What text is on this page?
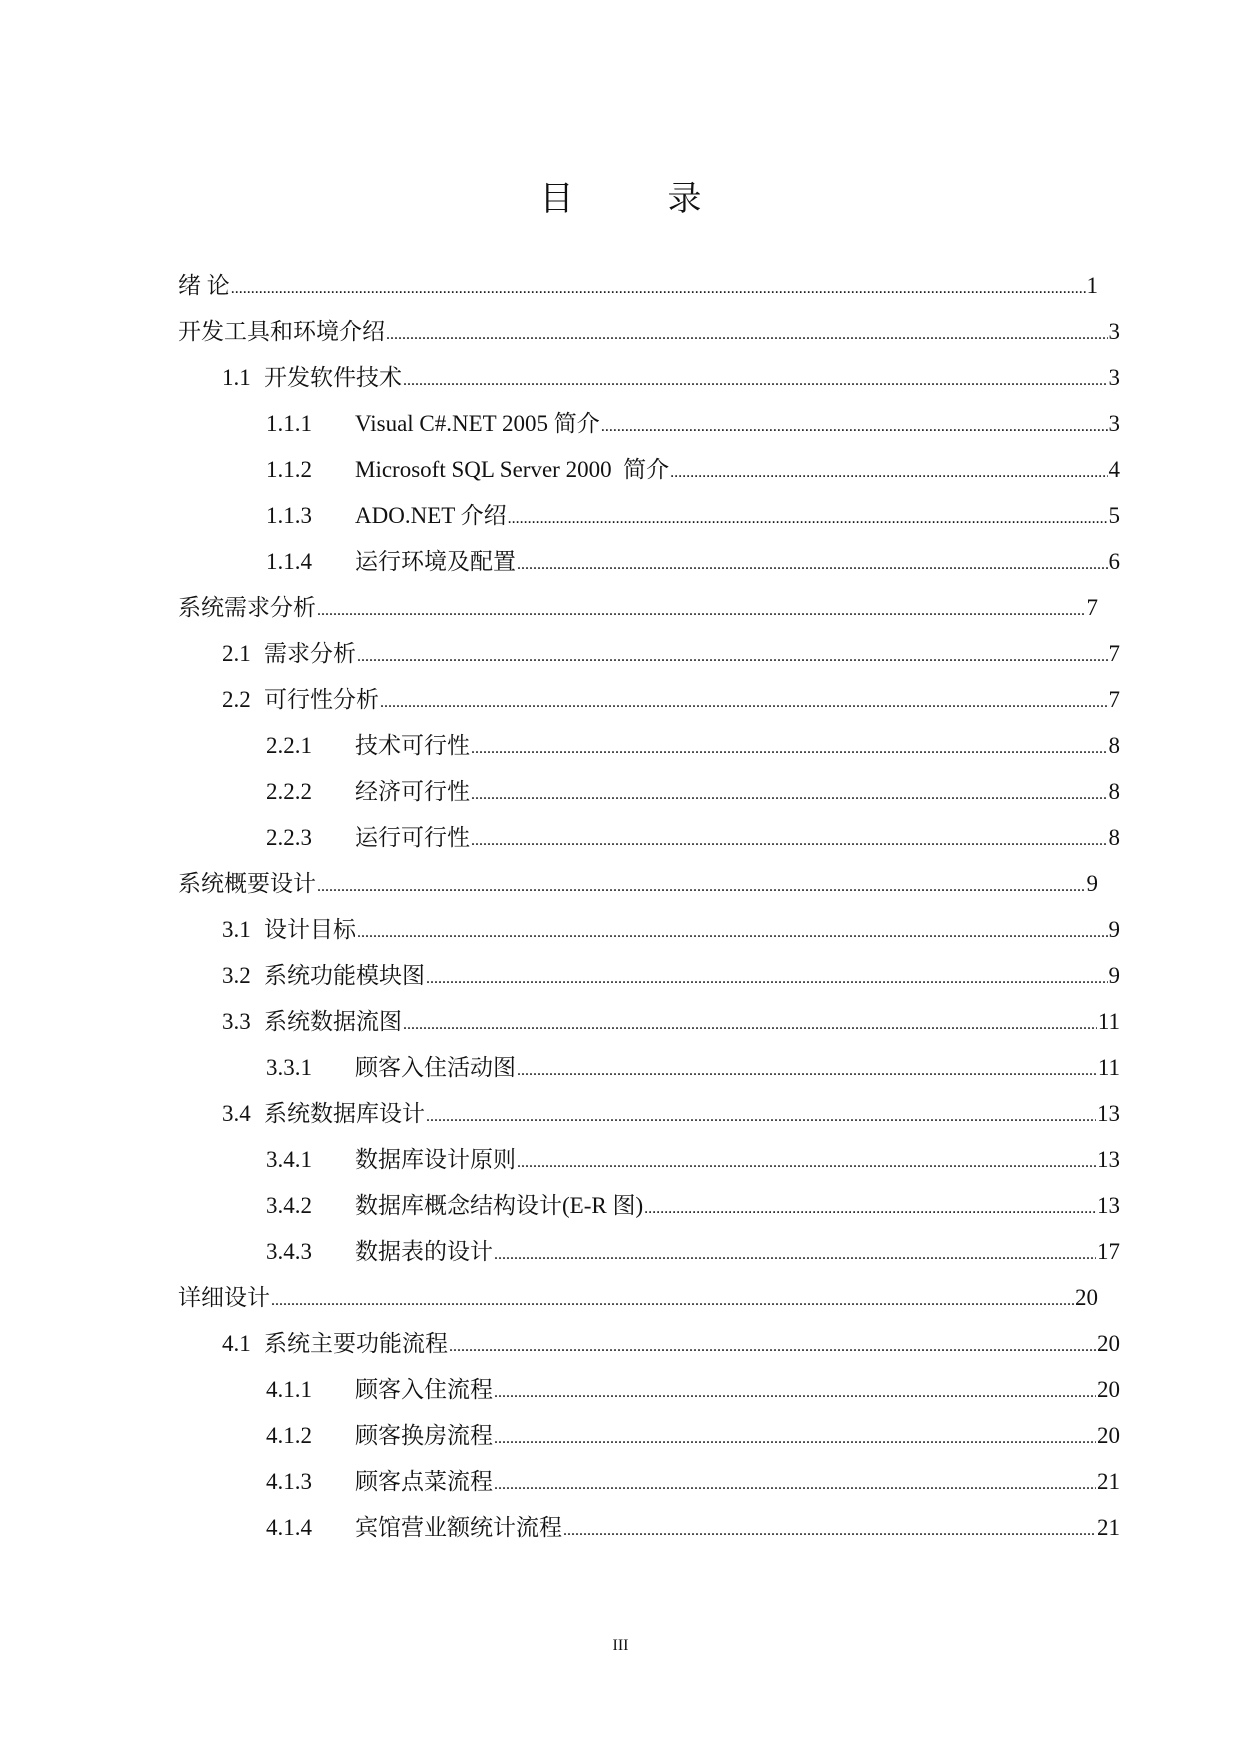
目　录
绪 论 .....	1
开发工具和环境介绍 .....	3
1.1 开发软件技术 .....	3
1.1.1	Visual C#.NET 2005 简介 .....	3
1.1.2	Microsoft SQL Server 2000  简介 .....	4
1.1.3	ADO.NET 介绍 .....	5
1.1.4	运行环境及配置 .....	6
系统需求分析 .....	7
2.1 需求分析 .....	7
2.2 可行性分析 .....	7
2.2.1	技术可行性 .....	8
2.2.2	经济可行性 .....	8
2.2.3	运行可行性 .....	8
系统概要设计 .....	9
3.1 设计目标 .....	9
3.2 系统功能模块图 .....	9
3.3 系统数据流图 .....	11
3.3.1	顾客入住活动图 .....	11
3.4 系统数据库设计 .....	13
3.4.1	数据库设计原则 .....	13
3.4.2	数据库概念结构设计(E-R 图) .....	13
3.4.3	数据表的设计 .....	17
详细设计 .....	20
4.1 系统主要功能流程 .....	20
4.1.1	顾客入住流程 .....	20
4.1.2	顾客换房流程 .....	20
4.1.3	顾客点菜流程 .....	21
4.1.4	宾馆营业额统计流程 .....	21
III
